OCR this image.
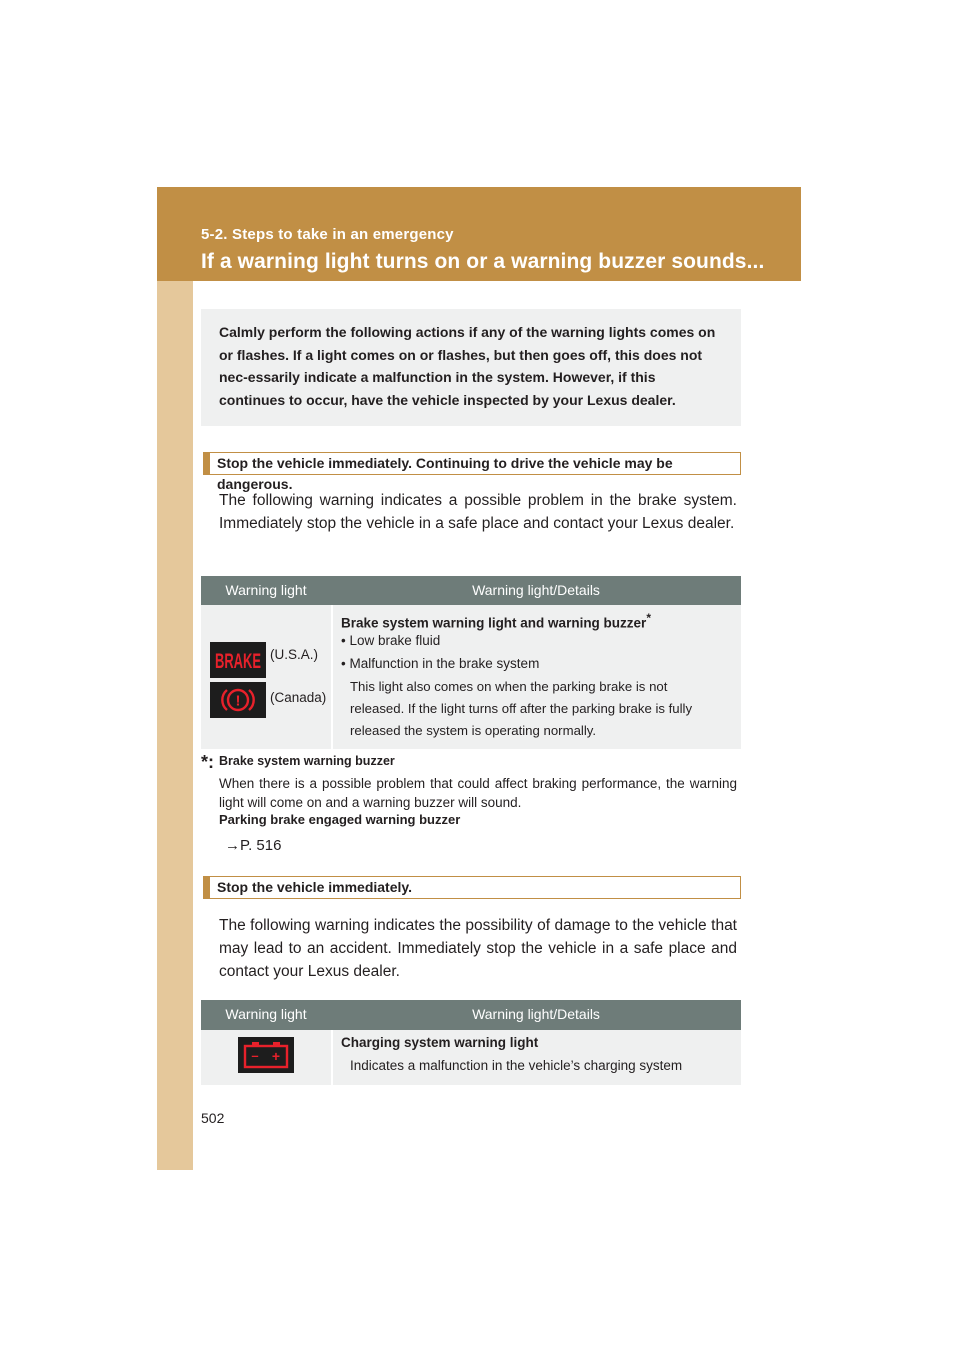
5-2. Steps to take in an emergency
If a warning light turns on or a warning buzzer sounds...
Calmly perform the following actions if any of the warning lights comes on or flashes. If a light comes on or flashes, but then goes off, this does not nec-essarily indicate a malfunction in the system. However, if this continues to occur, have the vehicle inspected by your Lexus dealer.
Stop the vehicle immediately. Continuing to drive the vehicle may be dangerous.

The following warning indicates a possible problem in the brake system. Immediately stop the vehicle in a safe place and contact your Lexus dealer.

Warning light	Warning light/Details
BRAKE (U.S.A.)
! (Canada)
Brake system warning light and warning buzzer*
• Low brake fluid
• Malfunction in the brake system
This light also comes on when the parking brake is not
released. If the light turns off after the parking brake is fully
released the system is operating normally.
*: Brake system warning buzzer

When there is a possible problem that could affect braking performance, the warning light will come on and a warning buzzer will sound.

Parking brake engaged warning buzzer
→P. 516
Stop the vehicle immediately.

The following warning indicates the possibility of damage to the vehicle that may lead to an accident. Immediately stop the vehicle in a safe place and contact your Lexus dealer.

Warning light	Warning light/Details
– +
Charging system warning light
Indicates a malfunction in the vehicle’s charging system
502
